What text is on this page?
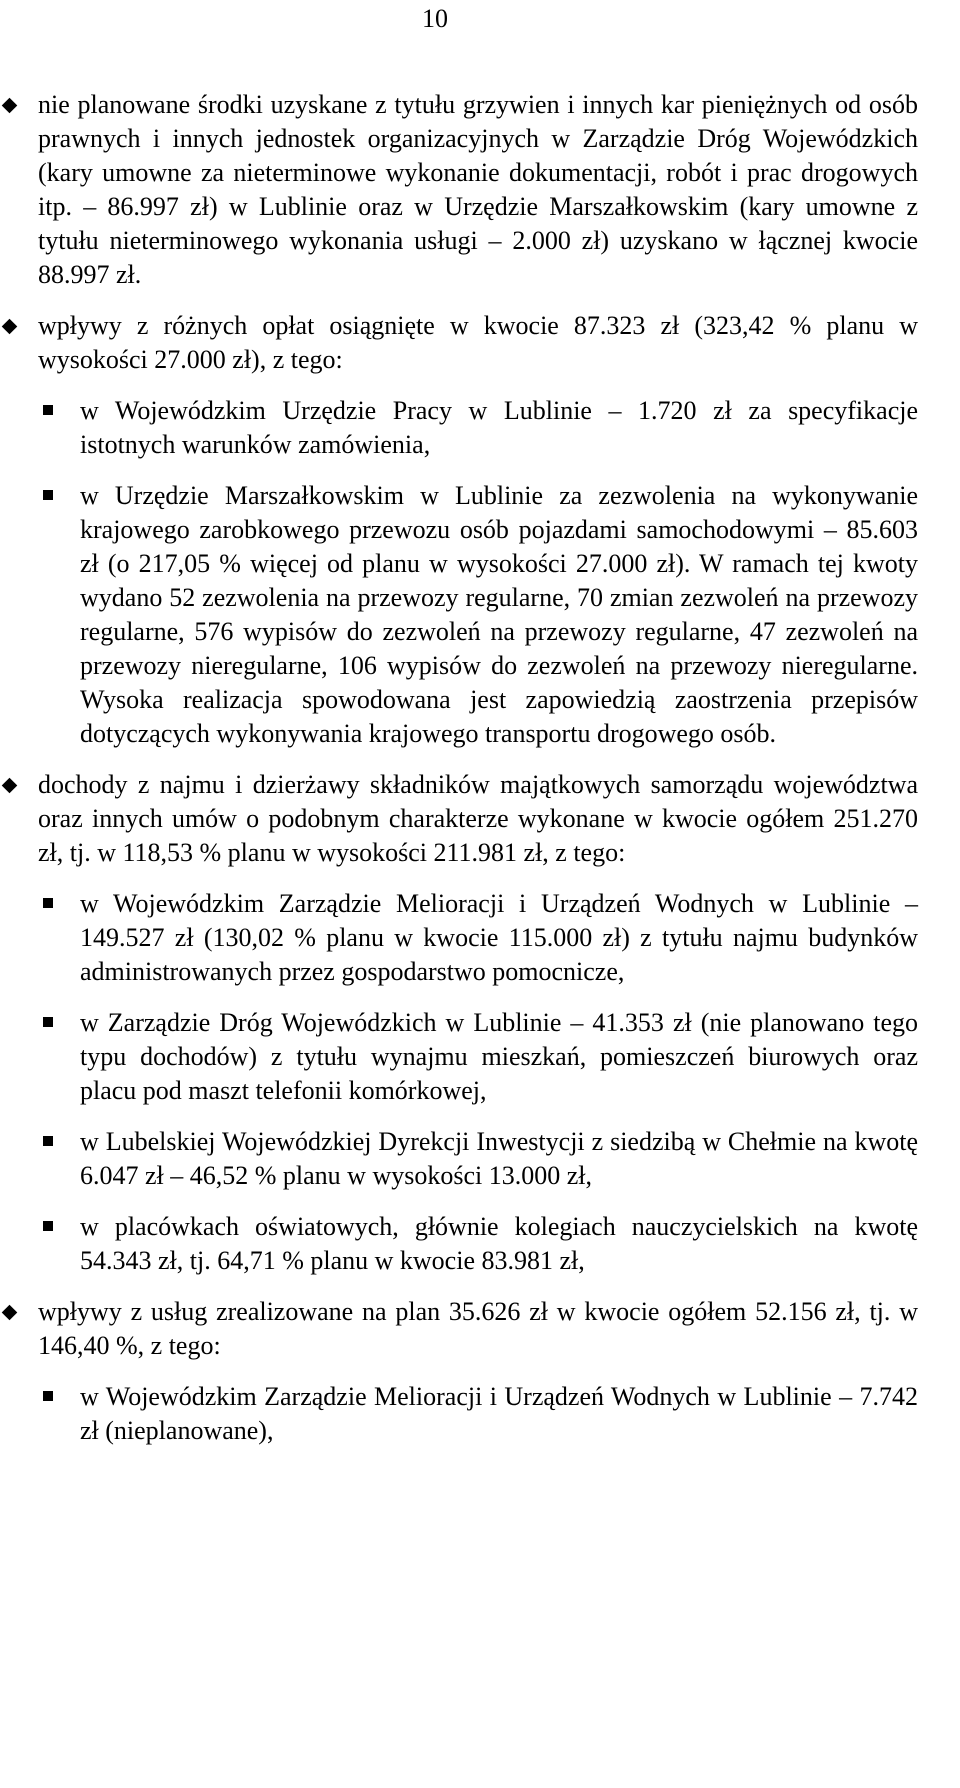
10
nie planowane środki uzyskane z tytułu grzywien i innych kar pieniężnych od osób prawnych i innych jednostek organizacyjnych w Zarządzie Dróg Wojewódzkich (kary umowne za nieterminowe wykonanie dokumentacji, robót i prac drogowych itp. – 86.997 zł) w Lublinie oraz w Urzędzie Marszałkowskim (kary umowne z tytułu nieterminowego wykonania usługi – 2.000 zł) uzyskano w łącznej kwocie 88.997 zł.
wpływy z różnych opłat osiągnięte w kwocie 87.323 zł (323,42 % planu w wysokości 27.000 zł), z tego:
w Wojewódzkim Urzędzie Pracy w Lublinie – 1.720 zł za specyfikacje istotnych warunków zamówienia,
w Urzędzie Marszałkowskim w Lublinie za zezwolenia na wykonywanie krajowego zarobkowego przewozu osób pojazdami samochodowymi – 85.603 zł (o 217,05 % więcej od planu w wysokości 27.000 zł). W ramach tej kwoty wydano 52 zezwolenia na przewozy regularne, 70 zmian zezwoleń na przewozy regularne, 576 wypisów do zezwoleń na przewozy regularne, 47 zezwoleń na przewozy nieregularne, 106 wypisów do zezwoleń na przewozy nieregularne. Wysoka realizacja spowodowana jest zapowiedzią zaostrzenia przepisów dotyczących wykonywania krajowego transportu drogowego osób.
dochody z najmu i dzierżawy składników majątkowych samorządu województwa oraz innych umów o podobnym charakterze wykonane w kwocie ogółem 251.270 zł, tj. w 118,53 % planu w wysokości 211.981 zł, z tego:
w Wojewódzkim Zarządzie Melioracji i Urządzeń Wodnych w Lublinie – 149.527 zł (130,02 % planu w kwocie 115.000 zł) z tytułu najmu budynków administrowanych przez gospodarstwo pomocnicze,
w Zarządzie Dróg Wojewódzkich w Lublinie – 41.353 zł (nie planowano tego typu dochodów) z tytułu wynajmu mieszkań, pomieszczeń biurowych oraz placu pod maszt telefonii komórkowej,
w Lubelskiej Wojewódzkiej Dyrekcji Inwestycji z siedzibą w Chełmie na kwotę 6.047 zł – 46,52 % planu w wysokości 13.000 zł,
w placówkach oświatowych, głównie kolegiach nauczycielskich na kwotę 54.343 zł, tj. 64,71 % planu w kwocie 83.981 zł,
wpływy z usług zrealizowane na plan 35.626 zł w kwocie ogółem 52.156 zł, tj. w 146,40 %, z tego:
w Wojewódzkim Zarządzie Melioracji i Urządzeń Wodnych w Lublinie – 7.742 zł (nieplanowane),
